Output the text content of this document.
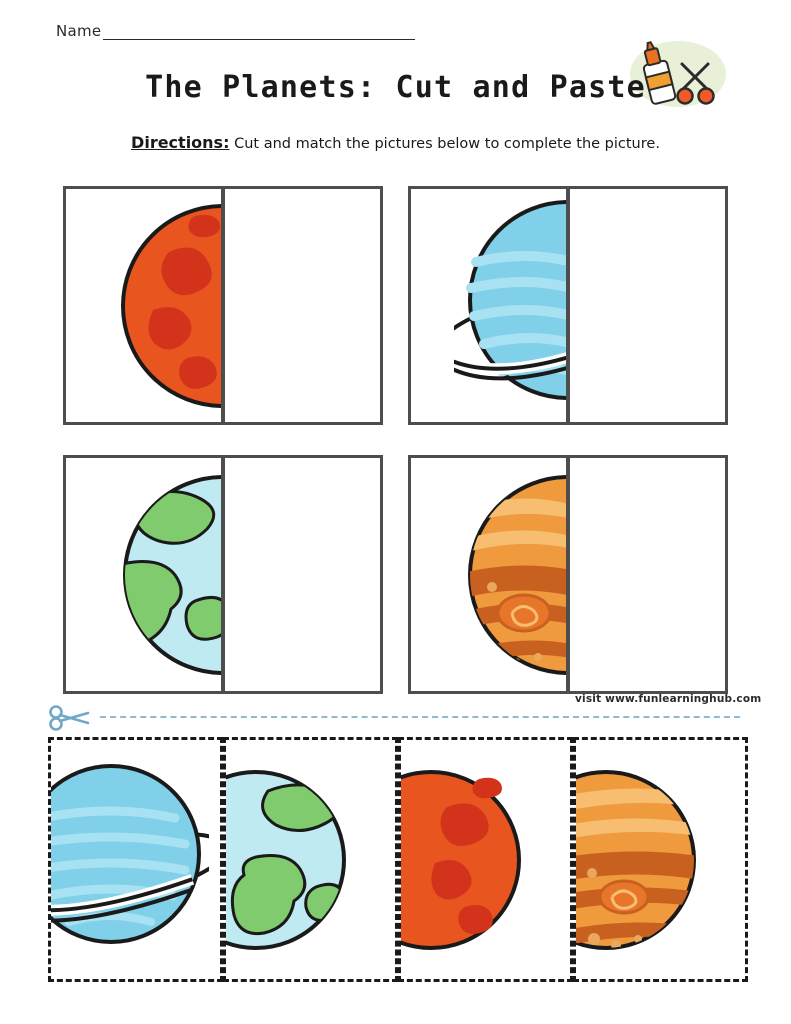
Name
The Planets: Cut and Paste
Directions: Cut and match the pictures below to complete the picture.
visit www.funlearninghub.com
